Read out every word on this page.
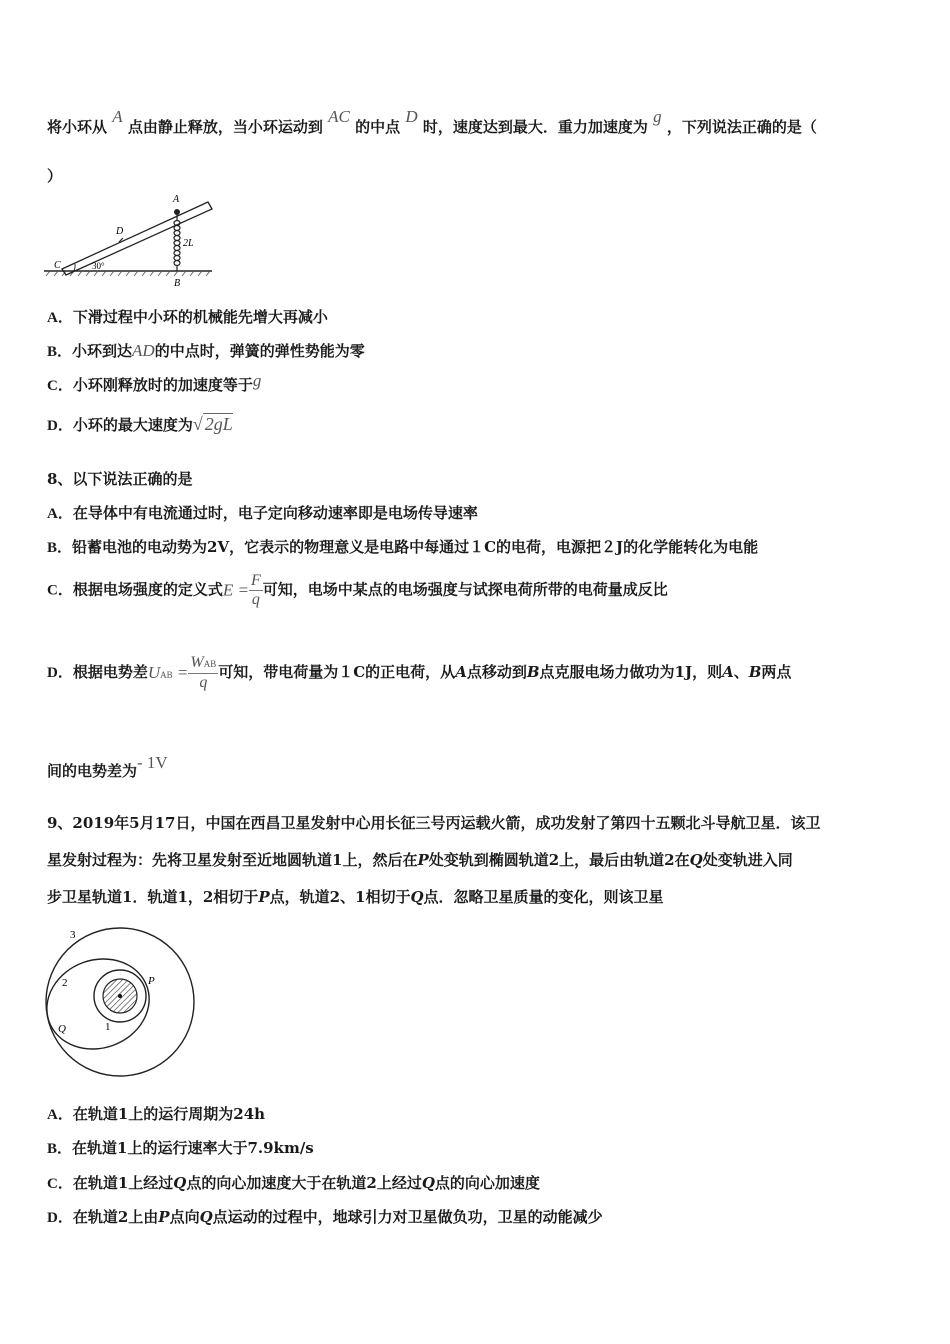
将小环从 A 点由静止释放，当小环运动到 AC 的中点 D 时，速度达到最大．重力加速度为 g ，下列说法正确的是（
）
A
B
C
D
2L
30°
A．下滑过程中小环的机械能先增大再减小
B．小环到达AD的中点时，弹簧的弹性势能为零
C．小环刚释放时的加速度等于g
D．小环的最大速度为√ 2gL
8、以下说法正确的是
A．在导体中有电流通过时，电子定向移动速率即是电场传导速率
B．铅蓄电池的电动势为2V，它表示的物理意义是电路中每通过１C的电荷，电源把２J的化学能转化为电能
C．根据电场强度的定义式$E = \frac{F}{q}$ 可知，电场中某点的电场强度与试探电荷所带的电荷量成反比
D．根据电势差UAB = $\frac{\text{WAB}}{q}$ 可知，带电荷量为１C的正电荷，从A点移动到B点克服电场力做功为1J，则A、B两点
间的电势差为- 1V
9、2019年5月17日，中国在西昌卫星发射中心用长征三号丙运载火箭，成功发射了第四十五颗北斗导航卫星．该卫
星发射过程为：先将卫星发射至近地圆轨道1上，然后在P处变轨到椭圆轨道2上，最后由轨道2在Q处变轨进入同
步卫星轨道1．轨道1，2相切于P点，轨道2、1相切于Q点．忽略卫星质量的变化，则该卫星
3
2
1
P
Q
A．在轨道1上的运行周期为24h
B．在轨道1上的运行速率大于7.9km/s
C．在轨道1上经过Q点的向心加速度大于在轨道2上经过Q点的向心加速度
D．在轨道2上由P点向Q点运动的过程中，地球引力对卫星做负功，卫星的动能减少
